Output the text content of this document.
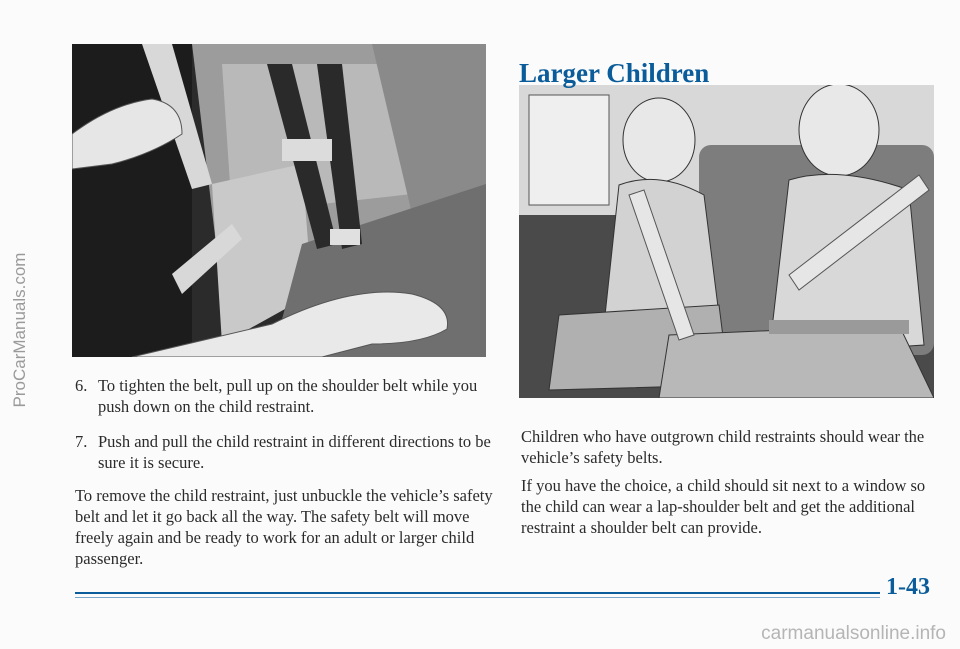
ProCarManuals.com
Larger Children
6. To tighten the belt, pull up on the shoulder belt while you push down on the child restraint.
7. Push and pull the child restraint in different directions to be sure it is secure.

To remove the child restraint, just unbuckle the vehicle’s safety belt and let it go back all the way. The safety belt will move freely again and be ready to work for an adult or larger child passenger.

Children who have outgrown child restraints should wear the vehicle’s safety belts.

If you have the choice, a child should sit next to a window so the child can wear a lap-shoulder belt and get the additional restraint a shoulder belt can provide.

1-43
carmanualsonline.info
